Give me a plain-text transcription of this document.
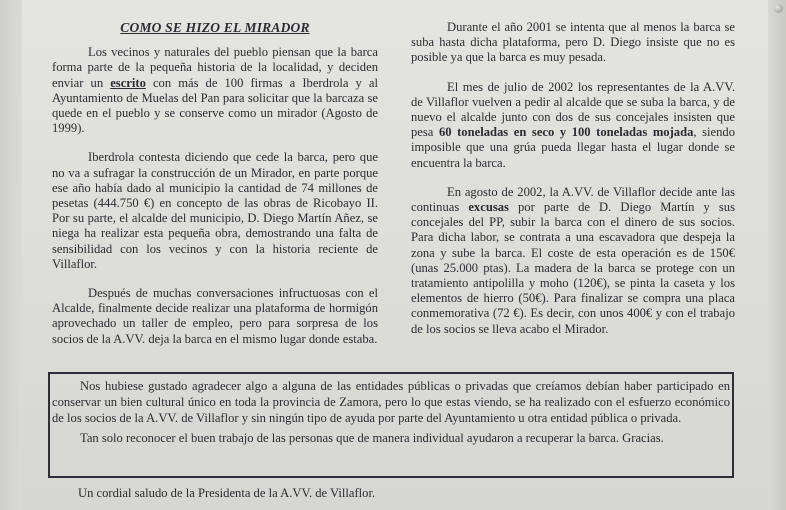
COMO SE HIZO EL MIRADOR

Los vecinos y naturales del pueblo piensan que la barca forma parte de la pequeña historia de la localidad, y deciden enviar un escrito con más de 100 firmas a Iberdrola y al Ayuntamiento de Muelas del Pan para solicitar que la barcaza se quede en el pueblo y se conserve como un mirador (Agosto de 1999).

Iberdrola contesta diciendo que cede la barca, pero que no va a sufragar la construcción de un Mirador, en parte porque ese año había dado al municipio la cantidad de 74 millones de pesetas (444.750 €) en concepto de las obras de Ricobayo II. Por su parte, el alcalde del municipio, D. Diego Martín Añez, se niega ha realizar esta pequeña obra, demostrando una falta de sensibilidad con los vecinos y con la historia reciente de Villaflor.

Después de muchas conversaciones infructuosas con el Alcalde, finalmente decide realizar una plataforma de hormigón aprovechado un taller de empleo, pero para sorpresa de los socios de la A.VV. deja la barca en el mismo lugar donde estaba.

Durante el año 2001 se intenta que al menos la barca se suba hasta dicha plataforma, pero D. Diego insiste que no es posible ya que la barca es muy pesada.

El mes de julio de 2002 los representantes de la A.VV. de Villaflor vuelven a pedir al alcalde que se suba la barca, y de nuevo el alcalde junto con dos de sus concejales insisten que pesa 60 toneladas en seco y 100 toneladas mojada, siendo imposible que una grúa pueda llegar hasta el lugar donde se encuentra la barca.

En agosto de 2002, la A.VV. de Villaflor decide ante las continuas excusas por parte de D. Diego Martín y sus concejales del PP, subir la barca con el dinero de sus socios. Para dicha labor, se contrata a una escavadora que despeja la zona y sube la barca. El coste de esta operación es de 150€ (unas 25.000 ptas). La madera de la barca se protege con un tratamiento antipolilla y moho (120€), se pinta la caseta y los elementos de hierro (50€). Para finalizar se compra una placa conmemorativa (72 €). Es decir, con unos 400€ y con el trabajo de los socios se lleva acabo el Mirador.

Nos hubiese gustado agradecer algo a alguna de las entidades públicas o privadas que creíamos debían haber participado en conservar un bien cultural único en toda la provincia de Zamora, pero lo que estas viendo, se ha realizado con el esfuerzo económico de los socios de la A.VV. de Villaflor y sin ningún tipo de ayuda por parte del Ayuntamiento u otra entidad pública o privada.

Tan solo reconocer el buen trabajo de las personas que de manera individual ayudaron a recuperar la barca. Gracias.

Un cordial saludo de la Presidenta de la A.VV. de Villaflor.
